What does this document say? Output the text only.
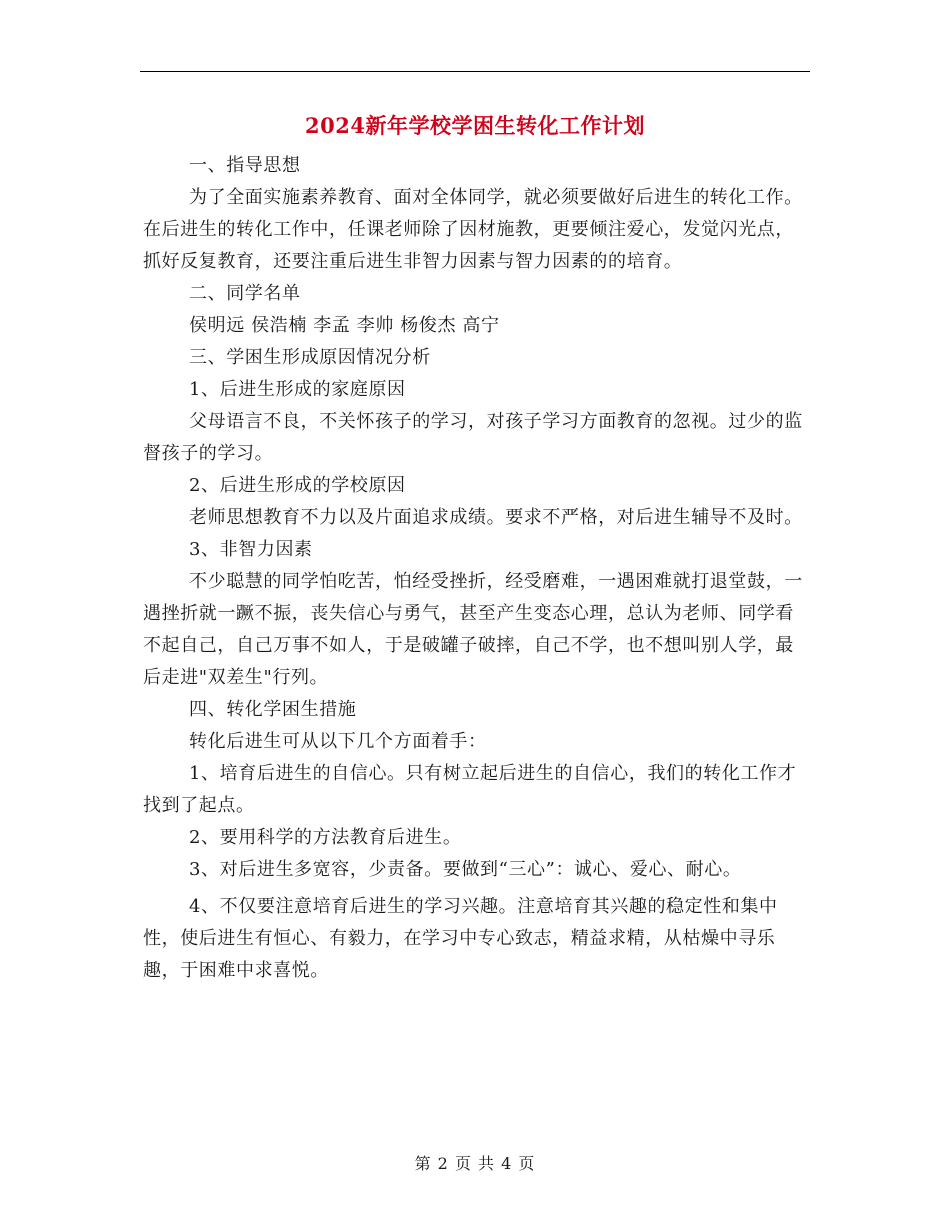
2024新年学校学困生转化工作计划

一、指导思想

为了全面实施素养教育、面对全体同学，就必须要做好后进生的转化工作。在后进生的转化工作中，任课老师除了因材施教，更要倾注爱心，发觉闪光点，抓好反复教育，还要注重后进生非智力因素与智力因素的的培育。

二、同学名单

侯明远 侯浩楠 李孟 李帅 杨俊杰 高宁

三、学困生形成原因情况分析

1、后进生形成的家庭原因

父母语言不良，不关怀孩子的学习，对孩子学习方面教育的忽视。过少的监督孩子的学习。

2、后进生形成的学校原因

老师思想教育不力以及片面追求成绩。要求不严格，对后进生辅导不及时。

3、非智力因素

不少聪慧的同学怕吃苦，怕经受挫折，经受磨难，一遇困难就打退堂鼓，一遇挫折就一蹶不振，丧失信心与勇气，甚至产生变态心理，总认为老师、同学看不起自己，自己万事不如人，于是破罐子破摔，自己不学，也不想叫别人学，最后走进"双差生"行列。

四、转化学困生措施

转化后进生可从以下几个方面着手：

1、培育后进生的自信心。只有树立起后进生的自信心，我们的转化工作才找到了起点。

2、要用科学的方法教育后进生。

3、对后进生多宽容，少责备。要做到“三心”：诚心、爱心、耐心。

4、不仅要注意培育后进生的学习兴趣。注意培育其兴趣的稳定性和集中性，使后进生有恒心、有毅力，在学习中专心致志，精益求精，从枯燥中寻乐趣，于困难中求喜悦。

第 2 页 共 4 页
